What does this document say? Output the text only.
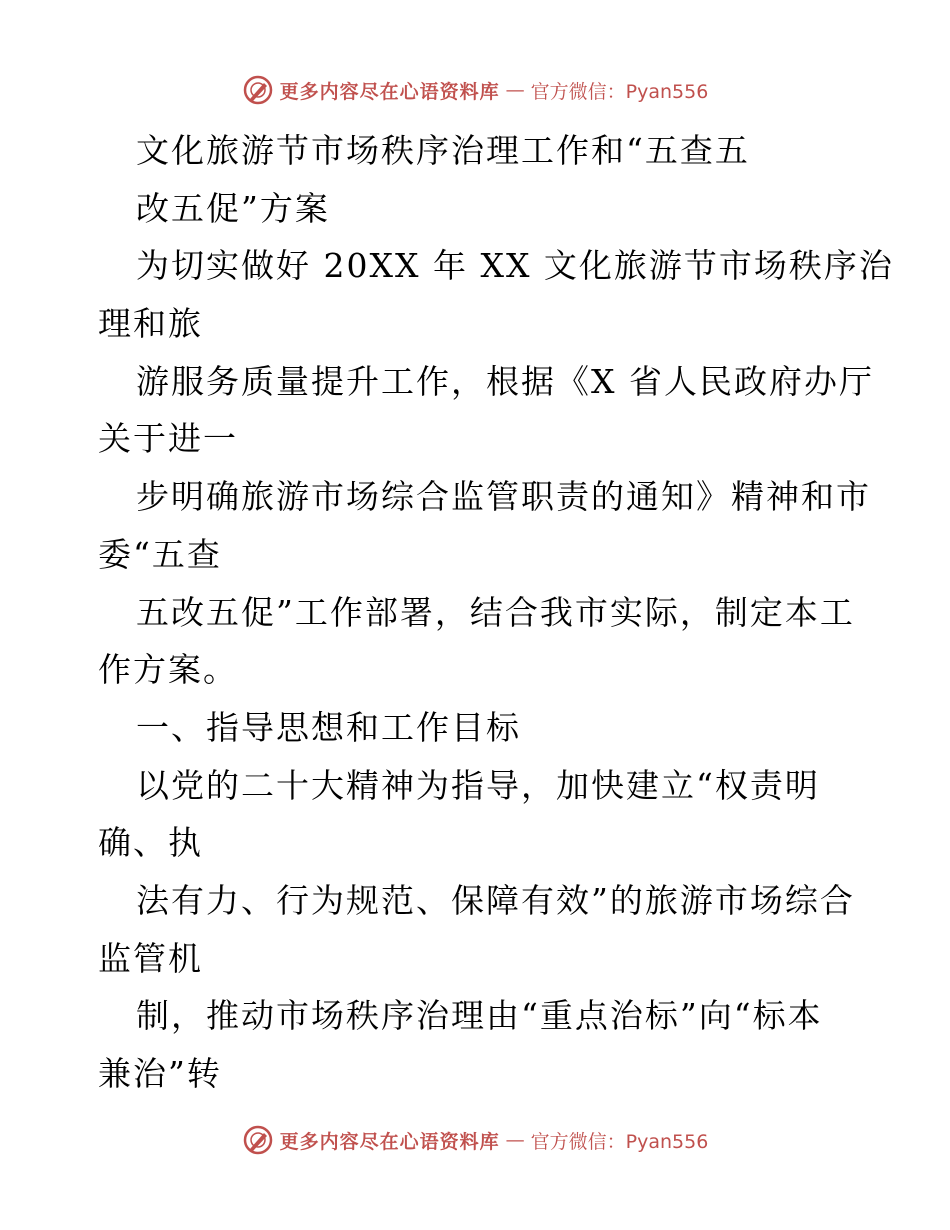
更多内容尽在心语资料库 — 官方微信：Pyan556
文化旅游节市场秩序治理工作和“五查五
改五促”方案
为切实做好 20XX 年 XX 文化旅游节市场秩序治
理和旅
游服务质量提升工作，根据《X 省人民政府办厅
关于进一
步明确旅游市场综合监管职责的通知》精神和市
委“五查
五改五促”工作部署，结合我市实际，制定本工
作方案。
一、指导思想和工作目标
以党的二十大精神为指导，加快建立“权责明
确、执
法有力、行为规范、保障有效”的旅游市场综合
监管机
制，推动市场秩序治理由“重点治标”向“标本
兼治”转
更多内容尽在心语资料库 — 官方微信：Pyan556
